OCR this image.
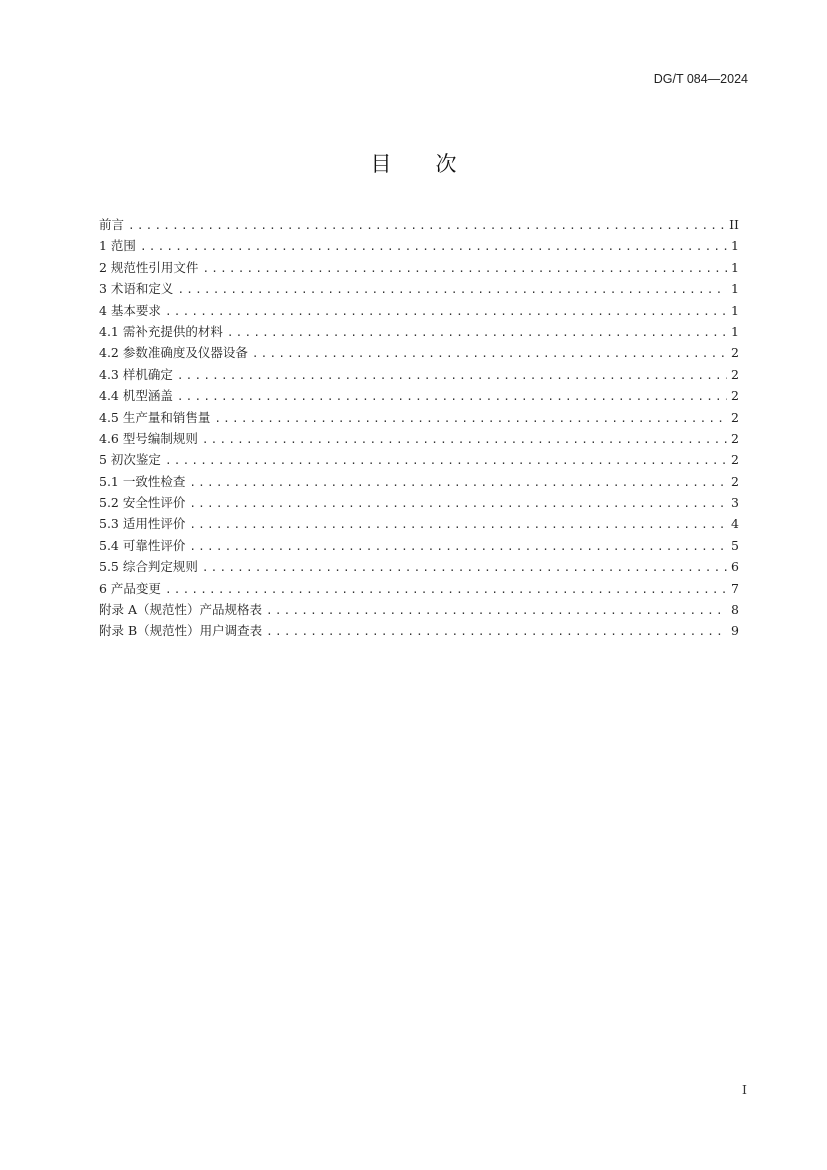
DG/T 084—2024
目次
前言 .....	II
1 范围 .....	1
2 规范性引用文件 .....	1
3 术语和定义 .....	1
4 基本要求 .....	1
4.1 需补充提供的材料 .....	1
4.2 参数准确度及仪器设备 .....	2
4.3 样机确定 .....	2
4.4 机型涵盖 .....	2
4.5 生产量和销售量 .....	2
4.6 型号编制规则 .....	2
5 初次鉴定 .....	2
5.1 一致性检查 .....	2
5.2 安全性评价 .....	3
5.3 适用性评价 .....	4
5.4 可靠性评价 .....	5
5.5 综合判定规则 .....	6
6 产品变更 .....	7
附录 A（规范性）产品规格表 .....	8
附录 B（规范性）用户调查表 .....	9
I
